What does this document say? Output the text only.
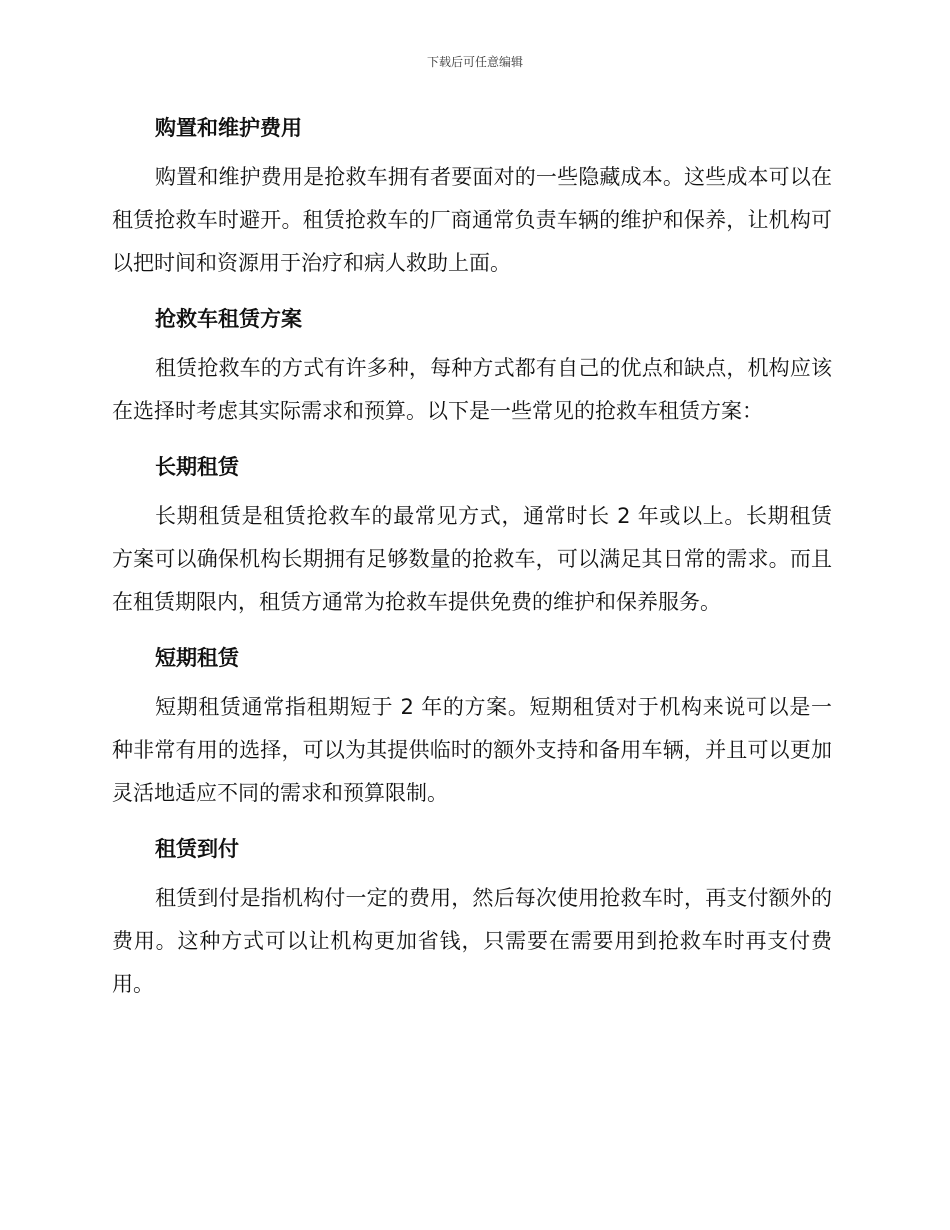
下载后可任意编辑
购置和维护费用

购置和维护费用是抢救车拥有者要面对的一些隐藏成本。这些成本可以在租赁抢救车时避开。租赁抢救车的厂商通常负责车辆的维护和保养，让机构可以把时间和资源用于治疗和病人救助上面。

抢救车租赁方案

租赁抢救车的方式有许多种，每种方式都有自己的优点和缺点，机构应该在选择时考虑其实际需求和预算。以下是一些常见的抢救车租赁方案：

长期租赁

长期租赁是租赁抢救车的最常见方式，通常时长 2 年或以上。长期租赁方案可以确保机构长期拥有足够数量的抢救车，可以满足其日常的需求。而且在租赁期限内，租赁方通常为抢救车提供免费的维护和保养服务。

短期租赁

短期租赁通常指租期短于 2 年的方案。短期租赁对于机构来说可以是一种非常有用的选择，可以为其提供临时的额外支持和备用车辆，并且可以更加灵活地适应不同的需求和预算限制。

租赁到付

租赁到付是指机构付一定的费用，然后每次使用抢救车时，再支付额外的费用。这种方式可以让机构更加省钱，只需要在需要用到抢救车时再支付费用。
